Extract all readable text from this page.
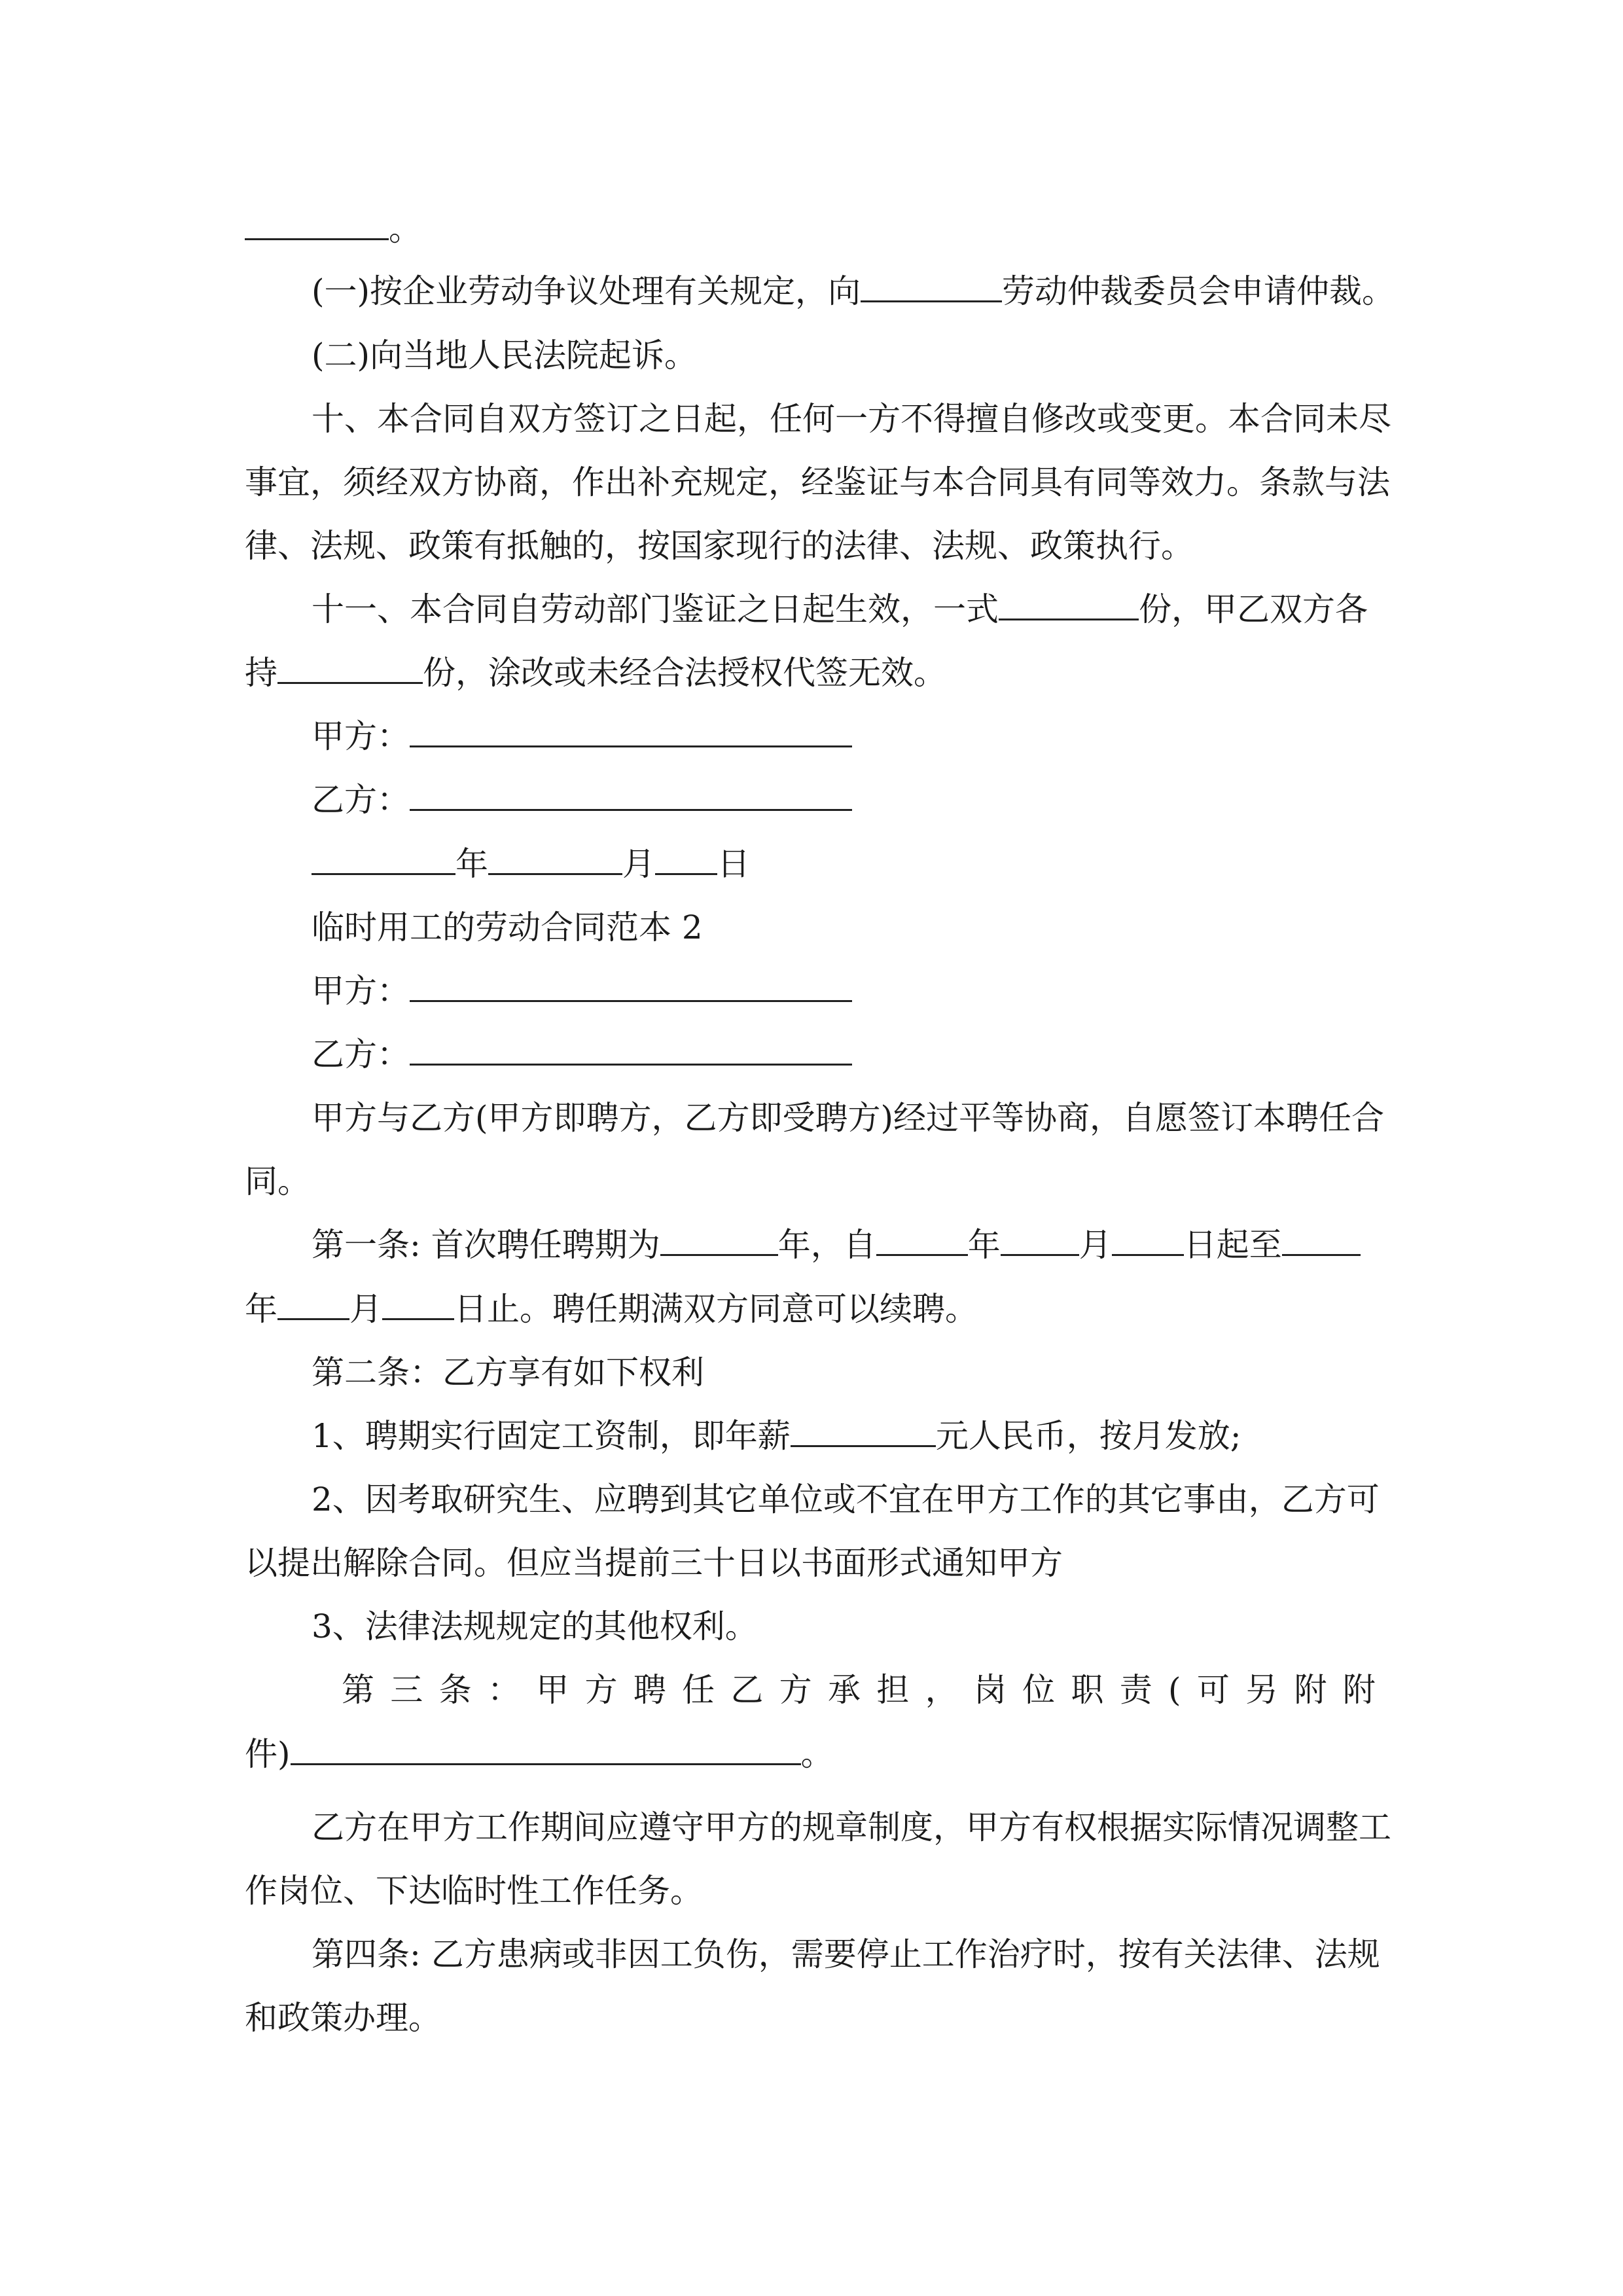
。
(一)按企业劳动争议处理有关规定，向	劳动仲裁委员会申请仲裁。
(二)向当地人民法院起诉。
十、本合同自双方签订之日起，任何一方不得擅自修改或变更。本合同未尽
事宜，须经双方协商，作出补充规定，经鉴证与本合同具有同等效力。条款与法
律、法规、政策有抵触的，按国家现行的法律、法规、政策执行。
十一、本合同自劳动部门鉴证之日起生效，一式	份，甲乙双方各
持	份，涂改或未经合法授权代签无效。
甲方：
乙方：
年	月 日
临时用工的劳动合同范本 2
甲方：
乙方：
甲方与乙方(甲方即聘方，乙方即受聘方)经过平等协商，自愿签订本聘任合
同。
第一条: 首次聘任聘期为	年，自	年 月 日起至
年 月 日止。聘任期满双方同意可以续聘。
第二条：乙方享有如下权利
1、聘期实行固定工资制，即年薪	元人民币，按月发放;
2、因考取研究生、应聘到其它单位或不宜在甲方工作的其它事由，乙方可
以提出解除合同。但应当提前三十日以书面形式通知甲方
3、法律法规规定的其他权利。
第 三 条 ： 甲 方 聘 任 乙 方 承 担 ， 岗 位 职 责 ( 可 另 附 附
件)	。
乙方在甲方工作期间应遵守甲方的规章制度，甲方有权根据实际情况调整工
作岗位、下达临时性工作任务。
第四条: 乙方患病或非因工负伤，需要停止工作治疗时，按有关法律、法规
和政策办理。
